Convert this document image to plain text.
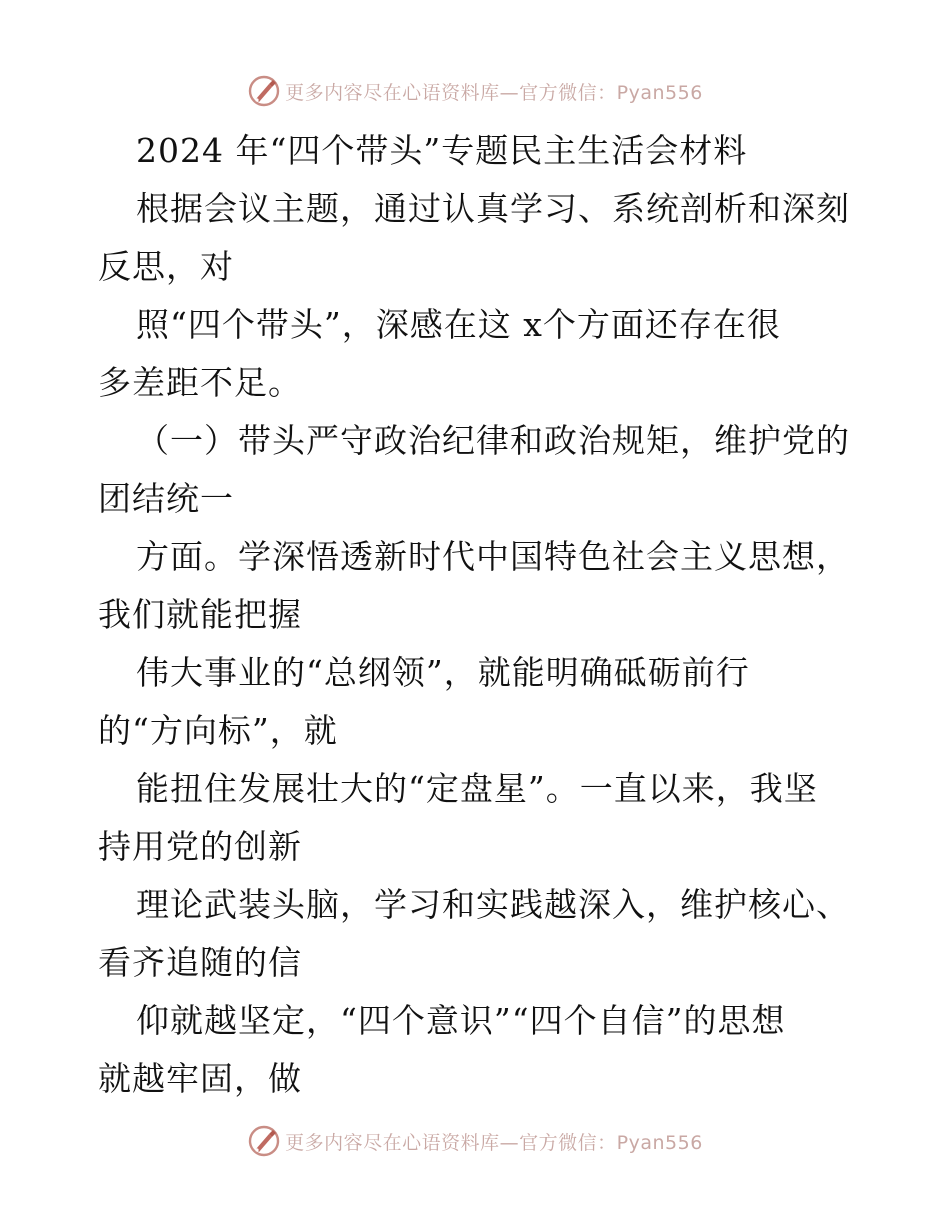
更多内容尽在心语资料库—官方微信：Pyan556
2024 年“四个带头”专题民主生活会材料
根据会议主题，通过认真学习、系统剖析和深刻
反思，对
照“四个带头”，深感在这 x个方面还存在很
多差距不足。
（一）带头严守政治纪律和政治规矩，维护党的
团结统一
方面。学深悟透新时代中国特色社会主义思想，
我们就能把握
伟大事业的“总纲领”，就能明确砥砺前行
的“方向标”，就
能扭住发展壮大的“定盘星”。一直以来，我坚
持用党的创新
理论武装头脑，学习和实践越深入，维护核心、
看齐追随的信
仰就越坚定，“四个意识”“四个自信”的思想
就越牢固，做
更多内容尽在心语资料库—官方微信：Pyan556
